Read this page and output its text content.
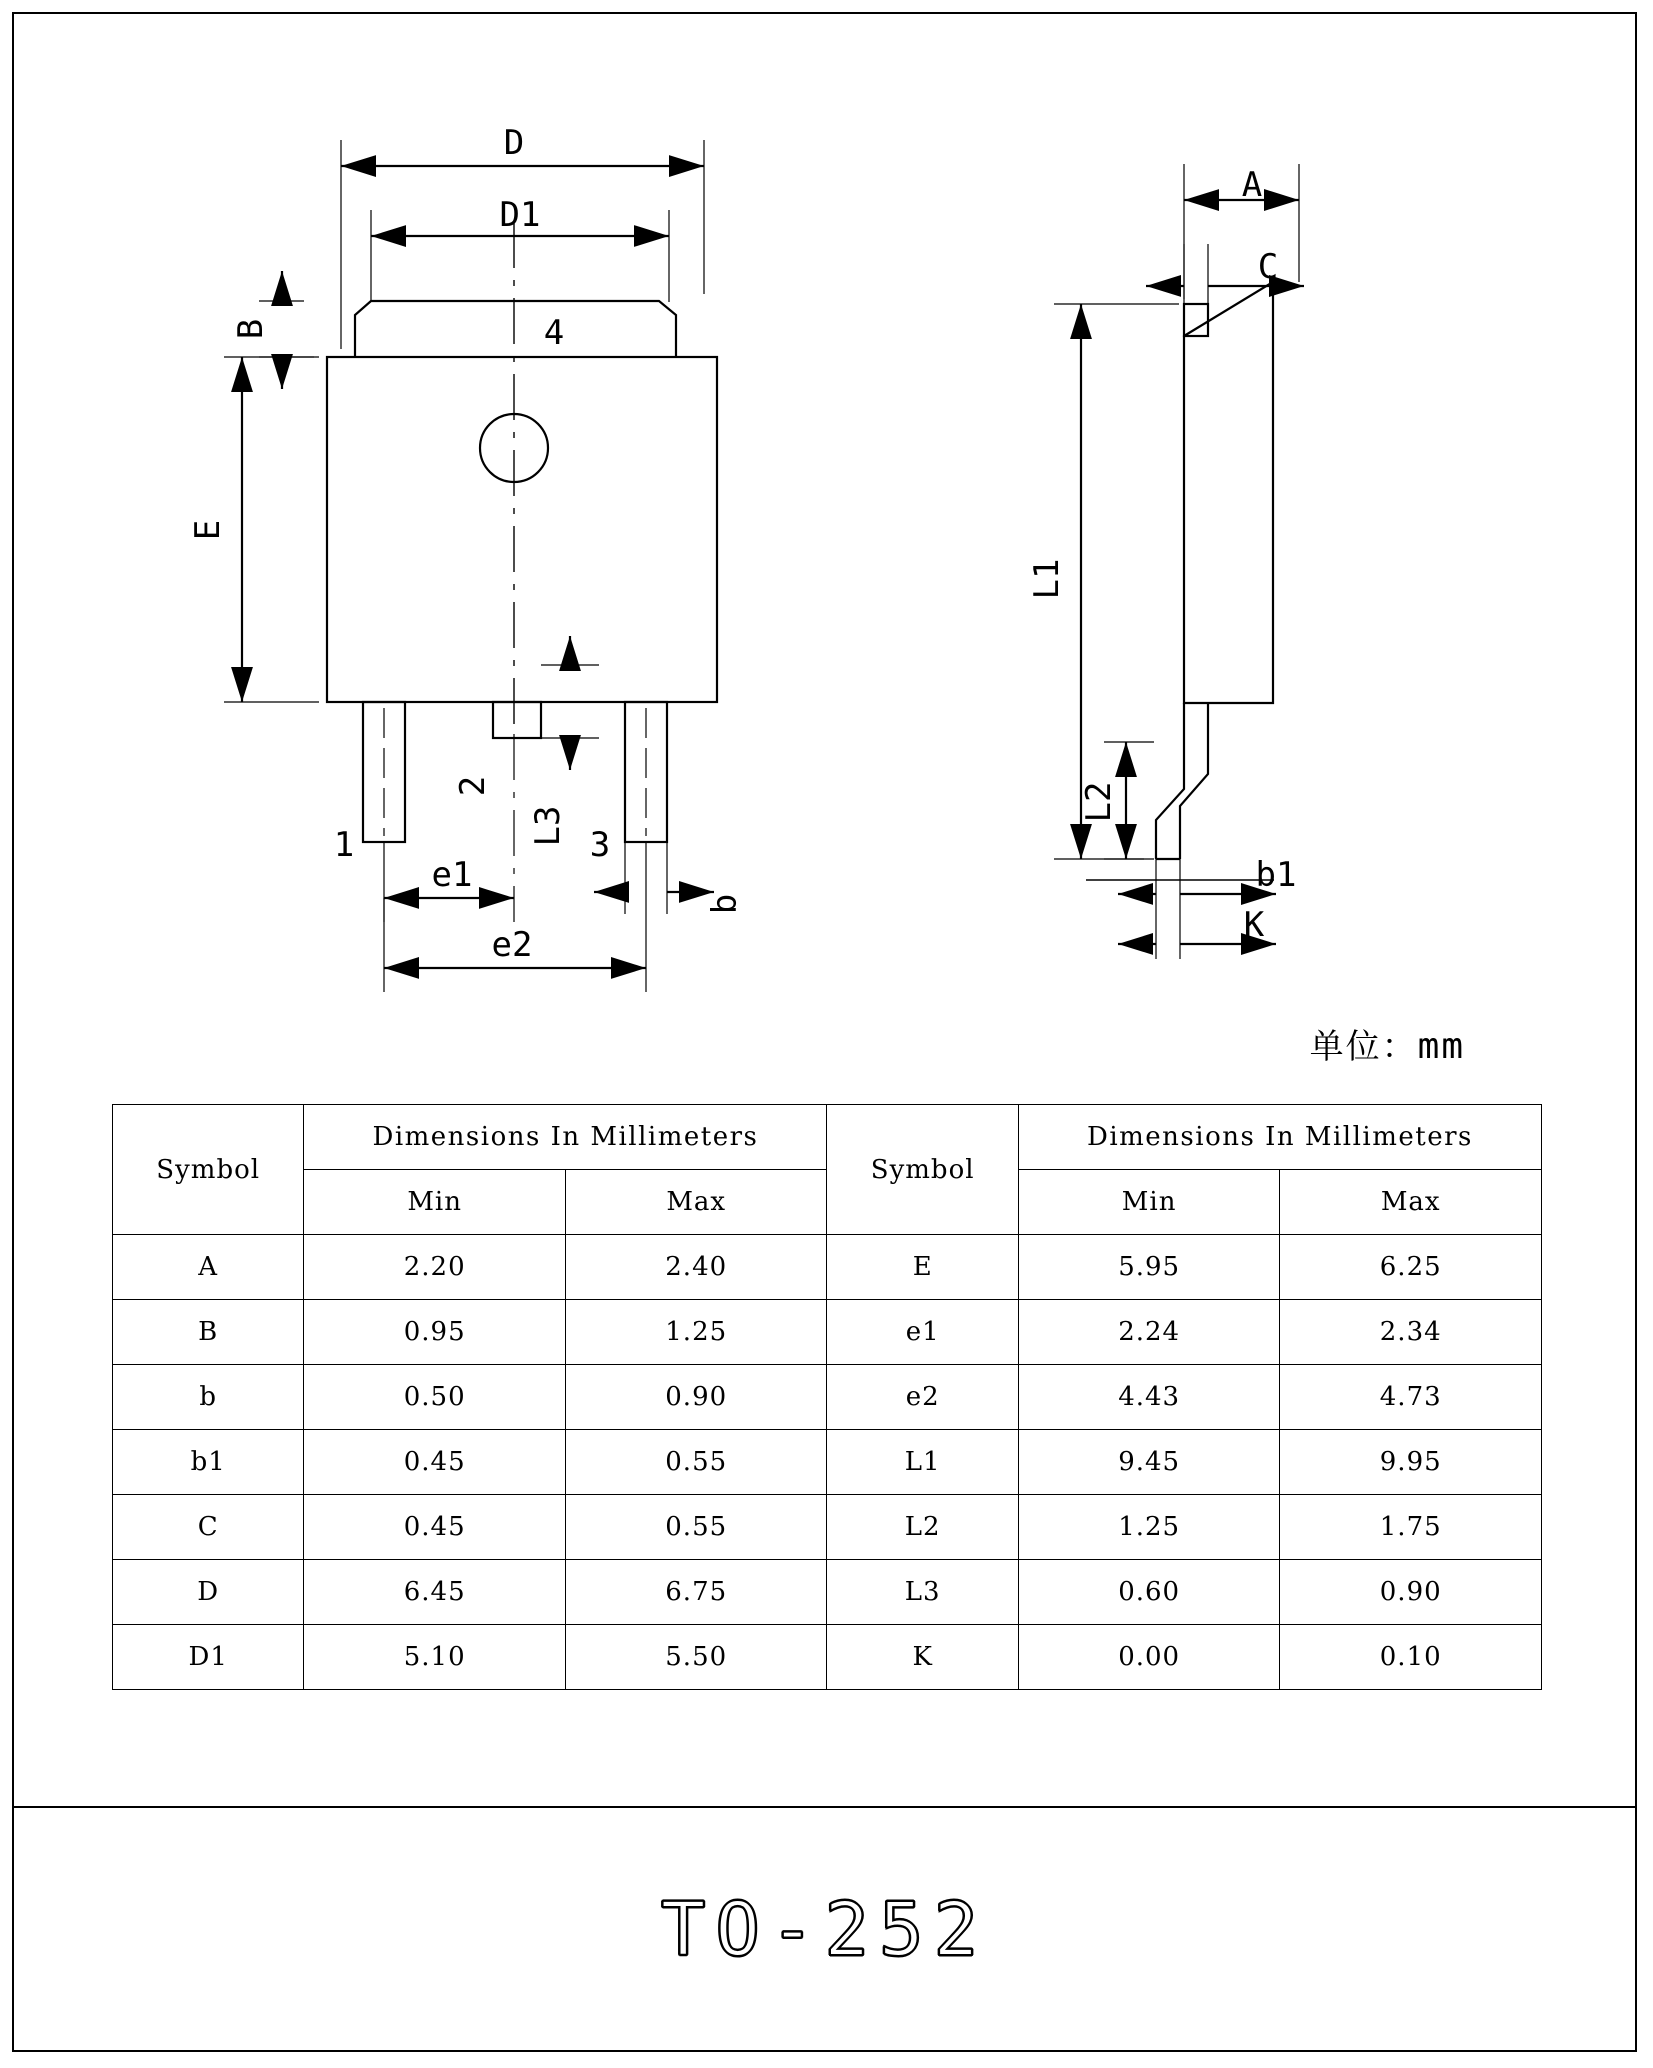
D
D1
B
E
4
1
2
3
L3
e1
e2
b
A
C
L1
L2
b1
K
单位：mm
Symbol	Dimensions In Millimeters		Symbol	Dimensions In Millimeters	
	Min	Max		Min	Max
A	2.20	2.40	E	5.95	6.25
B	0.95	1.25	e1	2.24	2.34
b	0.50	0.90	e2	4.43	4.73
b1	0.45	0.55	L1	9.45	9.95
C	0.45	0.55	L2	1.25	1.75
D	6.45	6.75	L3	0.60	0.90
D1	5.10	5.50	K	0.00	0.10
TO-252
